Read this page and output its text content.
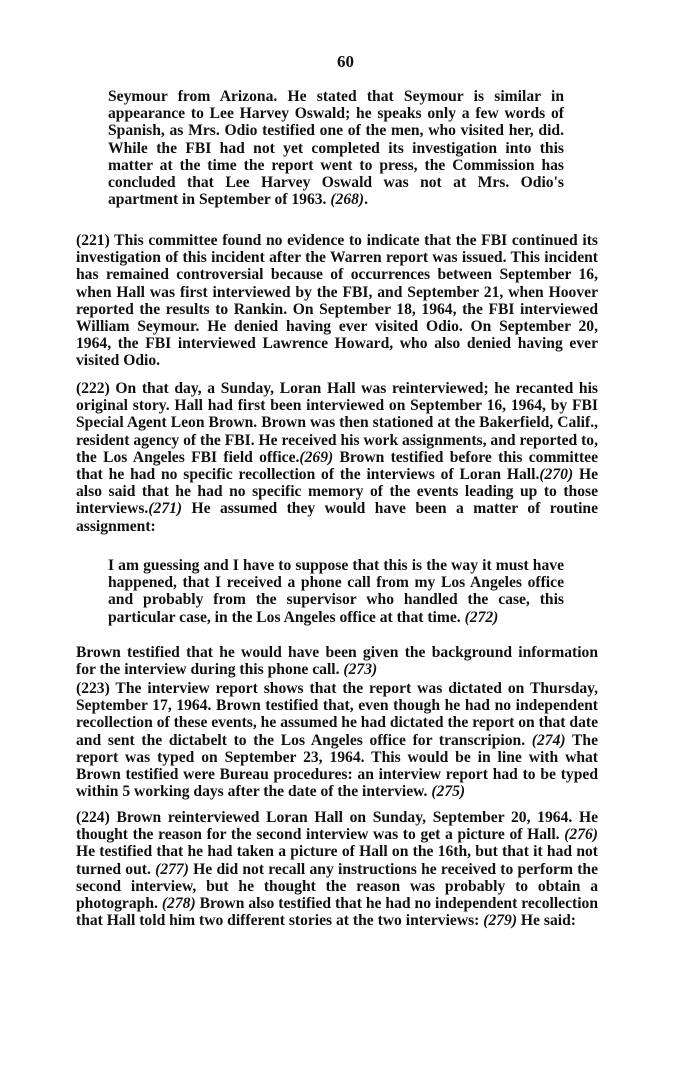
60

Seymour from Arizona. He stated that Seymour is similar in appearance to Lee Harvey Oswald; he speaks only a few words of Spanish, as Mrs. Odio testified one of the men, who visited her, did. While the FBI had not yet completed its investigation into this matter at the time the report went to press, the Commission has concluded that Lee Harvey Oswald was not at Mrs. Odio's apartment in September of 1963. (268).

(221) This committee found no evidence to indicate that the FBI continued its investigation of this incident after the Warren report was issued. This incident has remained controversial because of occurrences between September 16, when Hall was first interviewed by the FBI, and September 21, when Hoover reported the results to Rankin. On September 18, 1964, the FBI interviewed William Seymour. He denied having ever visited Odio. On September 20, 1964, the FBI interviewed Lawrence Howard, who also denied having ever visited Odio.

(222) On that day, a Sunday, Loran Hall was reinterviewed; he recanted his original story. Hall had first been interviewed on September 16, 1964, by FBI Special Agent Leon Brown. Brown was then stationed at the Bakerfield, Calif., resident agency of the FBI. He received his work assignments, and reported to, the Los Angeles FBI field office.(269) Brown testified before this committee that he had no specific recollection of the interviews of Loran Hall.(270) He also said that he had no specific memory of the events leading up to those interviews.(271) He assumed they would have been a matter of routine assignment:

I am guessing and I have to suppose that this is the way it must have happened, that I received a phone call from my Los Angeles office and probably from the supervisor who handled the case, this particular case, in the Los Angeles office at that time. (272)

Brown testified that he would have been given the background information for the interview during this phone call. (273)

(223) The interview report shows that the report was dictated on Thursday, September 17, 1964. Brown testified that, even though he had no independent recollection of these events, he assumed he had dictated the report on that date and sent the dictabelt to the Los Angeles office for transcripion. (274) The report was typed on September 23, 1964. This would be in line with what Brown testified were Bureau procedures: an interview report had to be typed within 5 working days after the date of the interview. (275)

(224) Brown reinterviewed Loran Hall on Sunday, September 20, 1964. He thought the reason for the second interview was to get a picture of Hall. (276) He testified that he had taken a picture of Hall on the 16th, but that it had not turned out. (277) He did not recall any instructions he received to perform the second interview, but he thought the reason was probably to obtain a photograph. (278) Brown also testified that he had no independent recollection that Hall told him two different stories at the two interviews: (279) He said:
